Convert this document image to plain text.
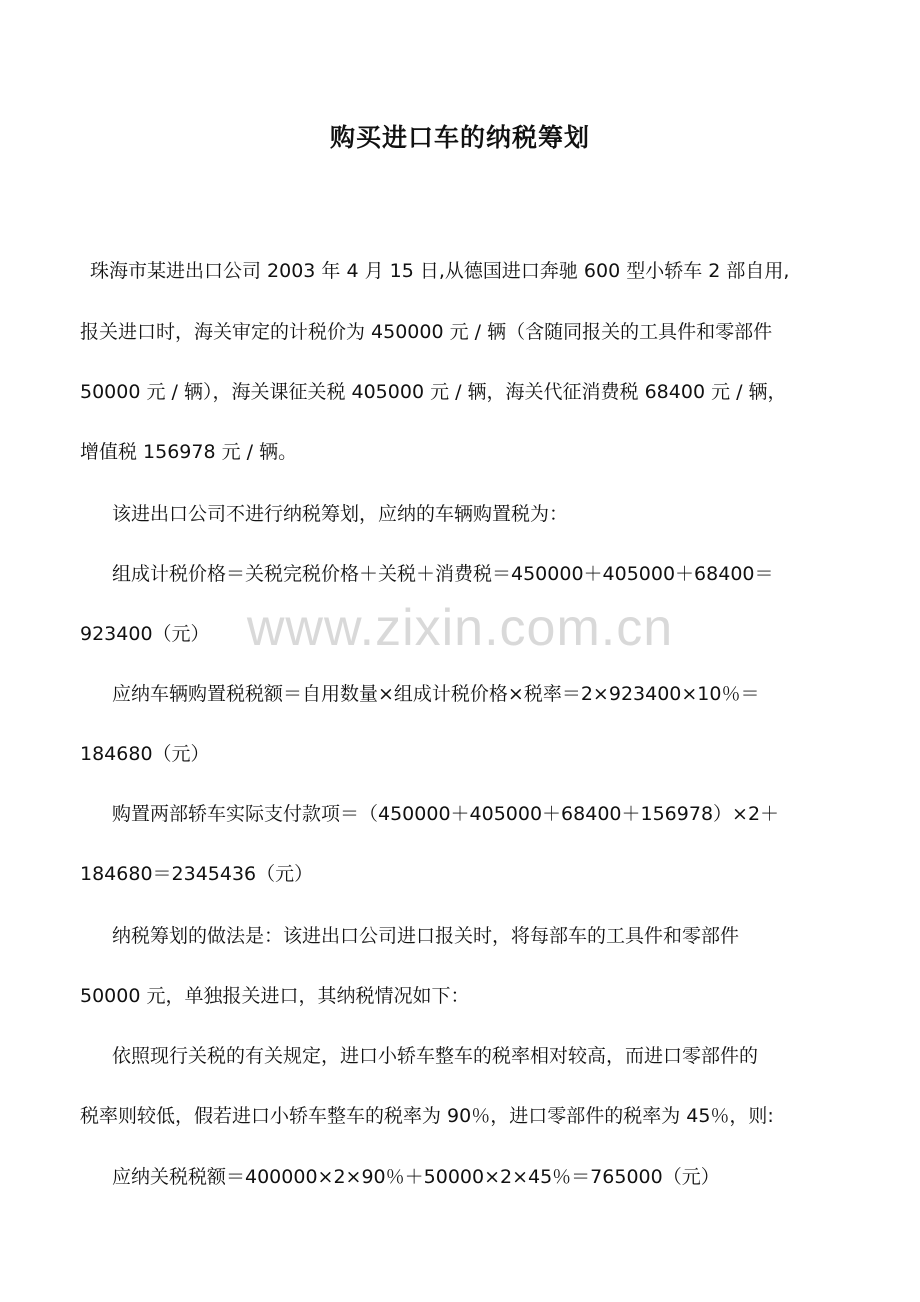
购买进口车的纳税筹划
珠海市某进出口公司 2003 年 4 月 15 日,从德国进口奔驰 600 型小轿车 2 部自用,
报关进口时，海关审定的计税价为 450000 元 / 辆（含随同报关的工具件和零部件
50000 元 / 辆），海关课征关税 405000 元 / 辆，海关代征消费税 68400 元 / 辆，
增值税 156978 元 / 辆。
该进出口公司不进行纳税筹划，应纳的车辆购置税为：
组成计税价格＝关税完税价格＋关税＋消费税＝450000＋405000＋68400＝
923400（元） www.zixin.com.cn
应纳车辆购置税税额＝自用数量×组成计税价格×税率＝2×923400×10％＝
184680（元）
购置两部轿车实际支付款项＝（450000＋405000＋68400＋156978）×2＋
184680＝2345436（元）
纳税筹划的做法是：该进出口公司进口报关时，将每部车的工具件和零部件
50000 元，单独报关进口，其纳税情况如下：
依照现行关税的有关规定，进口小轿车整车的税率相对较高，而进口零部件的
税率则较低，假若进口小轿车整车的税率为 90％，进口零部件的税率为 45％，则:
应纳关税税额＝400000×2×90％＋50000×2×45％＝765000（元）
